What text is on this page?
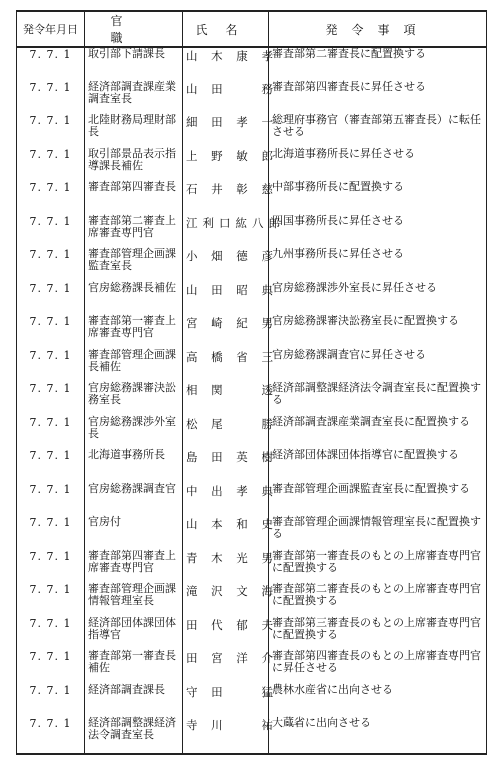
発令年月日	官職	氏名	発令事項
7. 7. 1	取引部下請課長	山 木 康 孝	審査部第二審査長に配置換する
7. 7. 1	経済部調査課産業調査室長	山 田 　 務	審査部第四審査長に昇任させる
7. 7. 1	北陸財務局理財部長	細 田 孝 一	総理府事務官（審査部第五審査長）に転任させる
7. 7. 1	取引部景品表示指導課長補佐	上 野 敏 郎	北海道事務所長に昇任させる
7. 7. 1	審査部第四審査長	石 井 彰 慈	中部事務所長に配置換する
7. 7. 1	審査部第二審査上席審査専門官	江利口紘八郎	四国事務所長に昇任させる
7. 7. 1	審査部管理企画課監査室長	小 畑 德 彦	九州事務所長に昇任させる
7. 7. 1	官房総務課長補佐	山 田 昭 典	官房総務課渉外室長に昇任させる
7. 7. 1	審査部第一審査上席審査専門官	宮 崎 紀 男	官房総務課審決訟務室長に配置換する
7. 7. 1	審査部管理企画課長補佐	高 橋 省 三	官房総務課調査官に昇任させる
7. 7. 1	官房総務課審決訟務室長	相 関 　 透	経済部調整課経済法令調査室長に配置換する
7. 7. 1	官房総務課渉外室長	松 尾 　 勝	経済部調査課産業調査室長に配置換する
7. 7. 1	北海道事務所長	島 田 英 樹	経済部団体課団体指導官に配置換する
7. 7. 1	官房総務課調査官	中 出 孝 典	審査部管理企画課監査室長に配置換する
7. 7. 1	官房付	山 本 和 史	審査部管理企画課情報管理室長に配置換する
7. 7. 1	審査部第四審査上席審査専門官	青 木 光 男	審査部第一審査長のもとの上席審査専門官に配置換する
7. 7. 1	審査部管理企画課情報管理室長	滝 沢 文 海	審査部第二審査長のもとの上席審査専門官に配置換する
7. 7. 1	経済部団体課団体指導官	田 代 郁 夫	審査部第三審査長のもとの上席審査専門官に配置換する
7. 7. 1	審査部第一審査長補佐	田 宮 洋 介	審査部第四審査長のもとの上席審査専門官に昇任させる
7. 7. 1	経済部調査課長	守 田 　 猛	農林水産省に出向させる
7. 7. 1	経済部調整課経済法令調査室長	寺 川 　 祐 一	大蔵省に出向させる
